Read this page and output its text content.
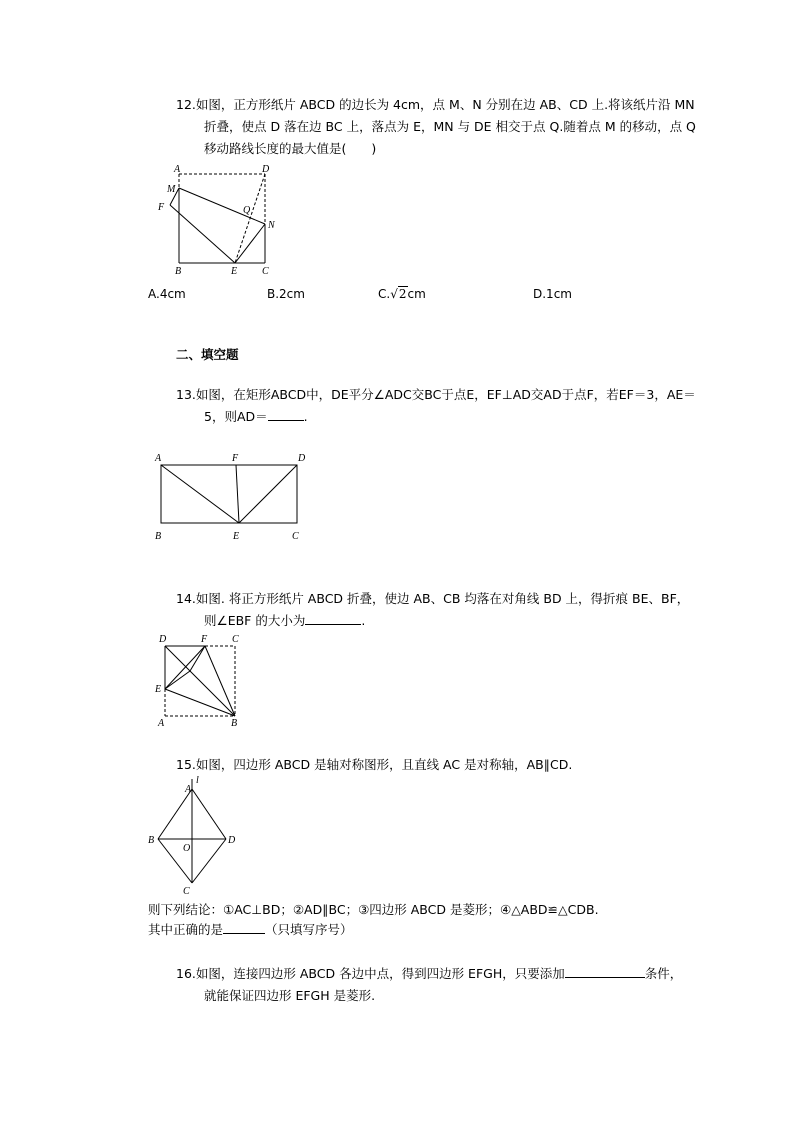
12.如图，正方形纸片 ABCD 的边长为 4cm，点 M、N 分别在边 AB、CD 上.将该纸片沿 MN
折叠，使点 D 落在边 BC 上，落点为 E，MN 与 DE 相交于点 Q.随着点 M 的移动，点 Q
移动路线长度的最大值是(　　)
A	D
M
F	Q
N
B	E C
A.4cm	B.2cm	C.√2cm	D.1cm
二、填空题
13.如图，在矩形ABCD中，DE平分∠ADC交BC于点E，EF⊥AD交AD于点F，若EF＝3，AE＝
5，则AD＝	.
A	F	D
B	E	C
14.如图. 将正方形纸片 ABCD 折叠，使边 AB、CB 均落在对角线 BD 上，得折痕 BE、BF，
则∠EBF 的大小为	.
D	F C
E
A	B
15.如图，四边形 ABCD 是轴对称图形，且直线 AC 是对称轴，AB∥CD.
l
A
B
O
D
C
则下列结论：①AC⊥BD；②AD∥BC；③四边形 ABCD 是菱形；④△ABD≌△CDB.
其中正确的是	（只填写序号）
16.如图，连接四边形 ABCD 各边中点，得到四边形 EFGH，只要添加	条件，
就能保证四边形 EFGH 是菱形.
